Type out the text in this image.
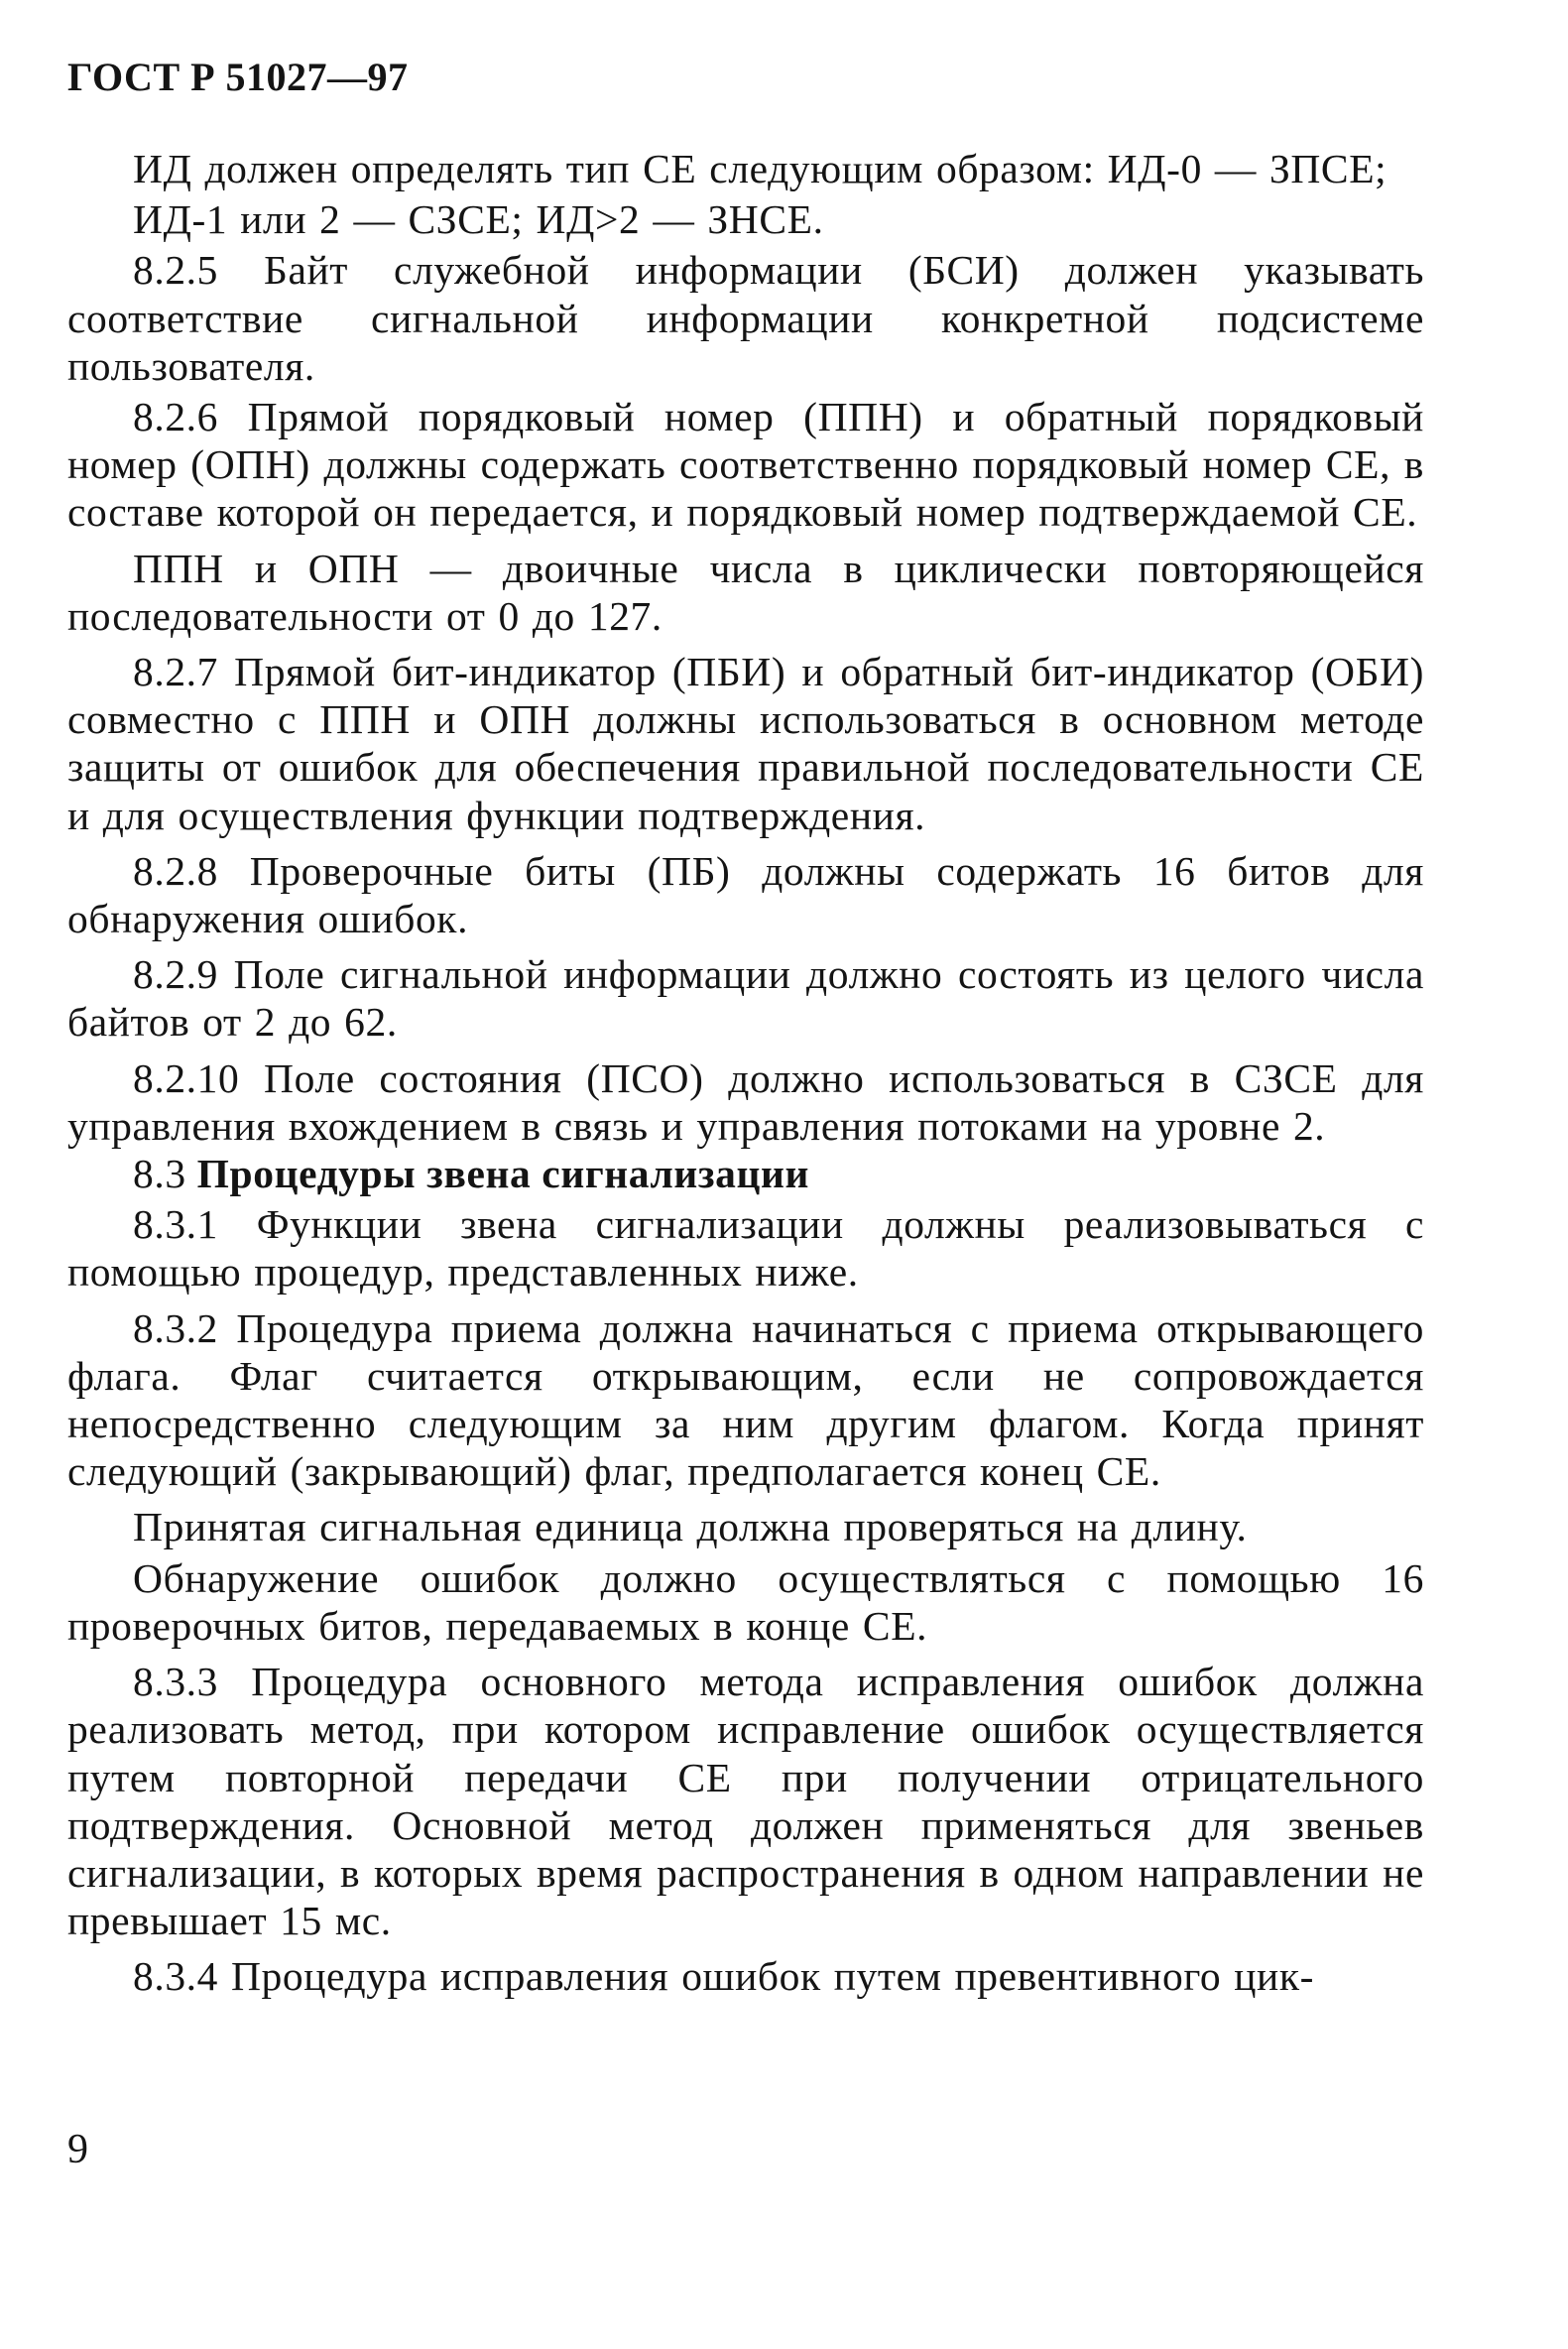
ГОСТ Р 51027—97

ИД должен определять тип СЕ следующим образом: ИД-0 — ЗПСЕ;

ИД-1 или 2 — СЗСЕ; ИД>2 — ЗНСЕ.

8.2.5 Байт служебной информации (БСИ) должен указывать соответствие сигнальной информации конкретной подсистеме пользователя.

8.2.6 Прямой порядковый номер (ППН) и обратный порядковый номер (ОПН) должны содержать соответственно порядковый номер СЕ, в составе которой он передается, и порядковый номер подтверждаемой СЕ.

ППН и ОПН — двоичные числа в циклически повторяющейся последовательности от 0 до 127.

8.2.7 Прямой бит-индикатор (ПБИ) и обратный бит-индикатор (ОБИ) совместно с ППН и ОПН должны использоваться в основном методе защиты от ошибок для обеспечения правильной последовательности СЕ и для осуществления функции подтверждения.

8.2.8 Проверочные биты (ПБ) должны содержать 16 битов для обнаружения ошибок.

8.2.9 Поле сигнальной информации должно состоять из целого числа байтов от 2 до 62.

8.2.10 Поле состояния (ПСО) должно использоваться в СЗСЕ для управления вхождением в связь и управления потоками на уровне 2.

8.3 Процедуры звена сигнализации

8.3.1 Функции звена сигнализации должны реализовываться с помощью процедур, представленных ниже.

8.3.2 Процедура приема должна начинаться с приема открывающего флага. Флаг считается открывающим, если не сопровождается непосредственно следующим за ним другим флагом. Когда принят следующий (закрывающий) флаг, предполагается конец СЕ.

Принятая сигнальная единица должна проверяться на длину.

Обнаружение ошибок должно осуществляться с помощью 16 проверочных битов, передаваемых в конце СЕ.

8.3.3 Процедура основного метода исправления ошибок должна реализовать метод, при котором исправление ошибок осуществляется путем повторной передачи СЕ при получении отрицательного подтверждения. Основной метод должен применяться для звеньев сигнализации, в которых время распространения в одном направлении не превышает 15 мс.

8.3.4 Процедура исправления ошибок путем превентивного цик-

9
